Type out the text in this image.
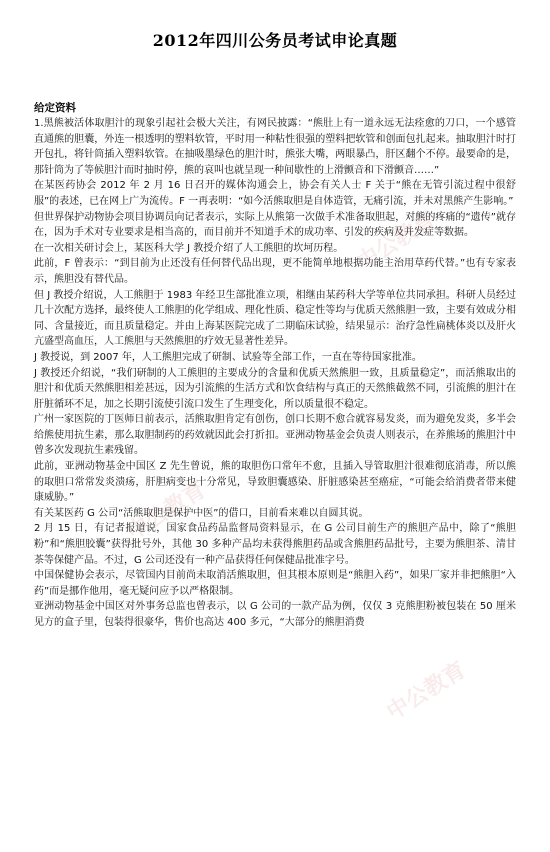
中公教育
中公教育
中公教育
2012年四川公务员考试申论真题
给定资料

1.黑熊被活体取胆汁的现象引起社会极大关注，有网民披露：“熊肚上有一道永远无法痊愈的刀口，一个感管直通熊的胆囊，外连一根透明的塑料软管，平时用一种粘性很强的塑料把软管和创面包扎起来。抽取胆汁时打开包扎，将针筒插入塑料软管。在抽吸墨绿色的胆汁时，熊张大嘴，两眼暴凸，肝区翻个不停。最要命的是，那针筒为了等候胆汁而时抽时停，熊的哀叫也就呈现一种间歇性的上滑颤音和下滑颤音……”

在某医药协会 2012 年 2 月 16 日召开的媒体沟通会上，协会有关人士 F 关于“熊在无管引流过程中很舒服”的表述，已在网上广为流传。F 一再表明：“如今活熊取胆是自体造管，无痛引流，并未对黑熊产生影响。”

但世界保护动物协会项目协调员向记者表示，实际上从熊第一次做手术准备取胆起，对熊的疼痛的“遗传”就存在，因为手术对专业要求是相当高的，而目前并不知道手术的成功率、引发的疾病及并发症等数据。

在一次相关研讨会上，某医科大学 J 教授介绍了人工熊胆的坎坷历程。

此前，F 曾表示：“到目前为止还没有任何替代品出现，更不能简单地根据功能主治用草药代替。”也有专家表示，熊胆没有替代品。

但 J 教授介绍说，人工熊胆于 1983 年经卫生部批准立项，相继由某药科大学等单位共同承担。科研人员经过几十次配方选择，最终使人工熊胆的化学组成、理化性质、稳定性等均与优质天然熊胆一致，主要有效成分相同、含量接近，而且质量稳定。并由上海某医院完成了二期临床试验，结果显示：治疗急性扁桃体炎以及肝火亢盛型高血压，人工熊胆与天然熊胆的疗效无显著性差异。

J 教授说，到 2007 年，人工熊胆完成了研制、试验等全部工作，一直在等待国家批准。

J 教授还介绍说，“我们研制的人工熊胆的主要成分的含量和优质天然熊胆一致，且质量稳定”，而活熊取出的胆汁和优质天然熊胆相差甚远，因为引流熊的生活方式和饮食结构与真正的天然熊截然不同，引流熊的胆汁在肝脏循环不足，加之长期引流使引流口发生了生理变化，所以质量很不稳定。

广州一家医院的丁医师日前表示，活熊取胆肯定有创伤，创口长期不愈合就容易发炎，而为避免发炎，多半会给熊使用抗生素，那么取胆制药的药效就因此会打折扣。亚洲动物基金会负责人则表示，在养熊场的熊胆汁中曾多次发现抗生素残留。

此前，亚洲动物基金中国区 Z 先生曾说，熊的取胆伤口常年不愈，且插入导管取胆汁很难彻底消毒，所以熊的取胆口常常发炎溃疡，肝胆病变也十分常见，导致胆囊感染、肝脏感染甚至癌症，“可能会给消费者带来健康威胁。”

有关某医药 G 公司“活熊取胆是保护中医”的借口，目前看来难以自圆其说。

2 月 15 日，有记者报道说，国家食品药品监督局资料显示，在 G 公司目前生产的熊胆产品中，除了“熊胆粉”和“熊胆胶囊”获得批号外，其他 30 多种产品均未获得熊胆药品或含熊胆药品批号，主要为熊胆茶、清甘茶等保健产品。不过，G 公司还没有一种产品获得任何保健品批准字号。

中国保健协会表示，尽管国内目前尚未取消活熊取胆，但其根本原则是“熊胆入药”，如果厂家并非把熊胆“入药”而是挪作他用，毫无疑问应予以严格限制。

亚洲动物基金中国区对外事务总监也曾表示，以 G 公司的一款产品为例，仅仅 3 克熊胆粉被包装在 50 厘米见方的盒子里，包装得很豪华，售价也高达 400 多元，“大部分的熊胆消费
